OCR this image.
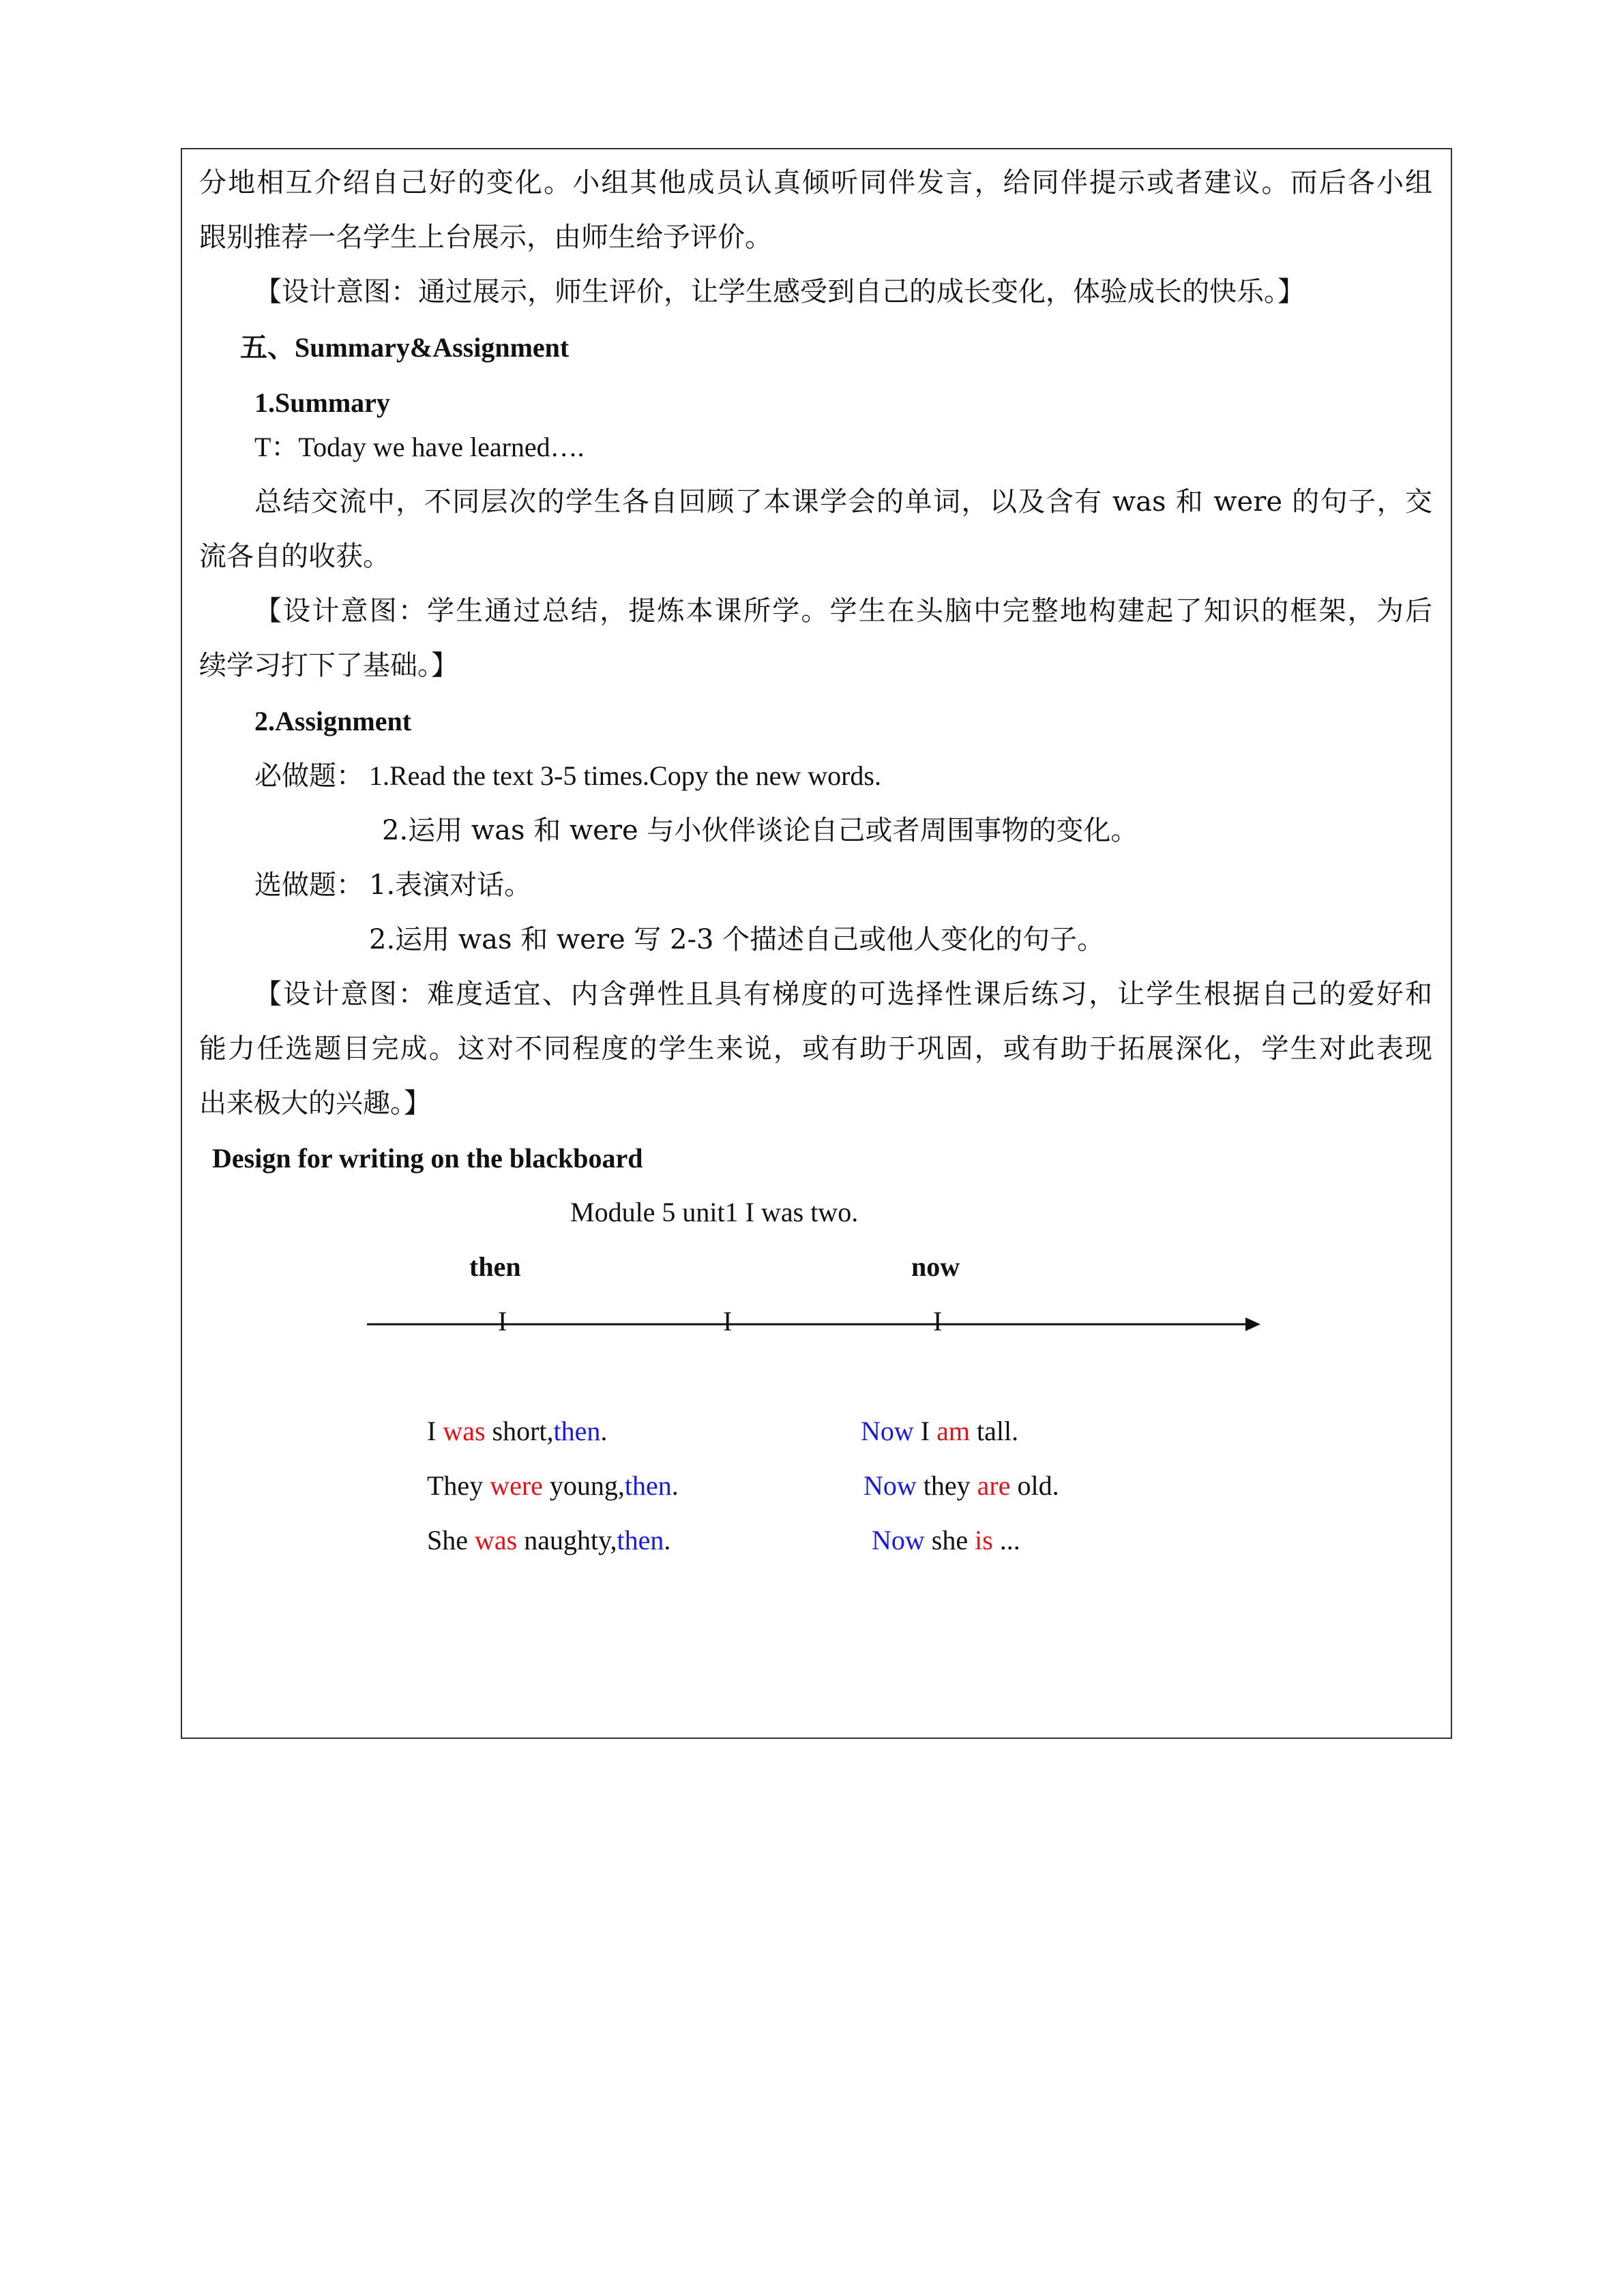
分地相互介绍自己好的变化。小组其他成员认真倾听同伴发言，给同伴提示或者建议。而后各小组
跟别推荐一名学生上台展示，由师生给予评价。
【设计意图：通过展示，师生评价，让学生感受到自己的成长变化，体验成长的快乐。】
五、Summary&Assignment
1.Summary
T：Today we have learned….
总结交流中，不同层次的学生各自回顾了本课学会的单词，以及含有 was 和 were 的句子，交
流各自的收获。
【设计意图：学生通过总结，提炼本课所学。学生在头脑中完整地构建起了知识的框架，为后
续学习打下了基础。】
2.Assignment
必做题： 1.Read the text 3-5 times.Copy the new words.
2.运用 was 和 were 与小伙伴谈论自己或者周围事物的变化。
选做题： 1.表演对话。
2.运用 was 和 were 写 2-3 个描述自己或他人变化的句子。
【设计意图：难度适宜、内含弹性且具有梯度的可选择性课后练习，让学生根据自己的爱好和
能力任选题目完成。这对不同程度的学生来说，或有助于巩固，或有助于拓展深化，学生对此表现
出来极大的兴趣。】
Design for writing on the blackboard
Module 5 unit1 I was two.
then	now
I	I	I
I was short,then.
They were young,then.
She was naughty,then.
Now I am tall.
Now they are old.
Now she is ...
